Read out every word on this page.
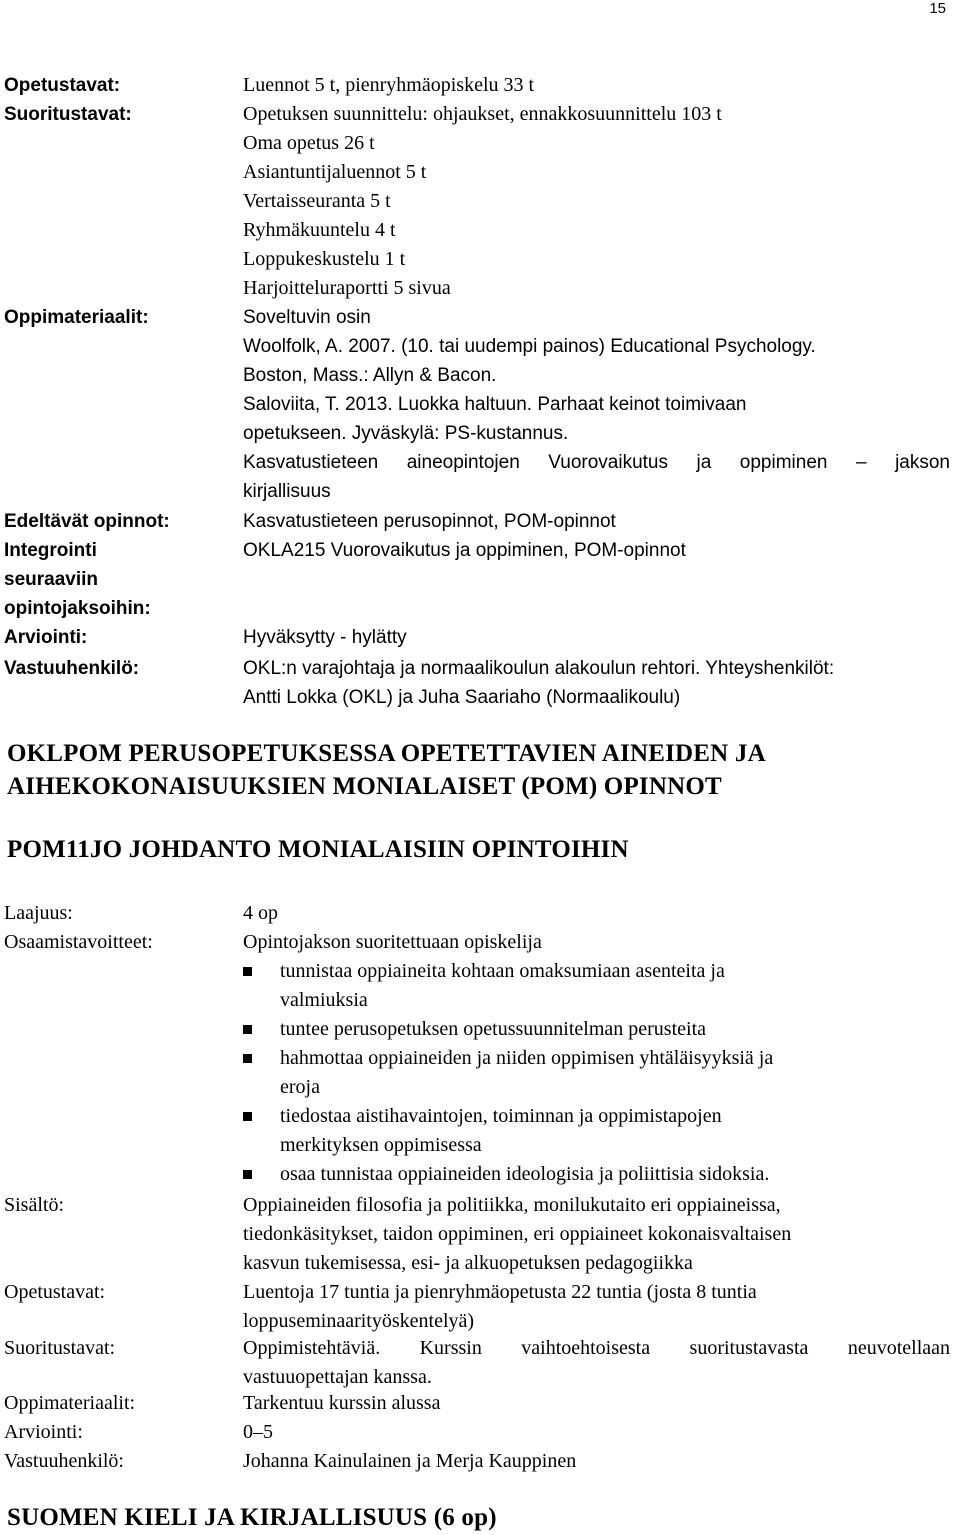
15
Opetustavat:	Luennot 5 t, pienryhmäopiskelu 33 t
Suoritustavat:	Opetuksen suunnittelu: ohjaukset, ennakkosuunnittelu 103 t
Oma opetus 26 t
Asiantuntijaluennot 5 t
Vertaisseuranta 5 t
Ryhmäkuuntelu 4 t
Loppukeskustelu 1 t
Harjoitteluraportti 5 sivua
Oppimateriaalit:	Soveltuvin osin
Woolfolk, A. 2007. (10. tai uudempi painos) Educational Psychology.
Boston, Mass.: Allyn & Bacon.
Saloviita, T. 2013. Luokka haltuun. Parhaat keinot toimivaan
opetukseen. Jyväskylä: PS-kustannus.
Kasvatustieteen aineopintojen Vuorovaikutus ja oppiminen – jakson
kirjallisuus
Edeltävät opinnot:	Kasvatustieteen perusopinnot, POM-opinnot
Integrointi	OKLA215 Vuorovaikutus ja oppiminen, POM-opinnot
seuraaviin
opintojaksoihin:
Arviointi:	Hyväksytty - hylätty
Vastuuhenkilö:	OKL:n varajohtaja ja normaalikoulun alakoulun rehtori. Yhteyshenkilöt:
Antti Lokka (OKL) ja Juha Saariaho (Normaalikoulu)
OKLPOM PERUSOPETUKSESSA OPETETTAVIEN AINEIDEN JA
AIHEKOKONAISUUKSIEN MONIALAISET (POM) OPINNOT
POM11JO JOHDANTO MONIALAISIIN OPINTOIHIN
Laajuus:	4 op
Osaamistavoitteet:	Opintojakson suoritettuaan opiskelija
tunnistaa oppiaineita kohtaan omaksumiaan asenteita ja
valmiuksia
tuntee perusopetuksen opetussuunnitelman perusteita
hahmottaa oppiaineiden ja niiden oppimisen yhtäläisyyksiä ja
eroja
tiedostaa aistihavaintojen, toiminnan ja oppimistapojen
merkityksen oppimisessa
osaa tunnistaa oppiaineiden ideologisia ja poliittisia sidoksia.
Sisältö:	Oppiaineiden filosofia ja politiikka, monilukutaito eri oppiaineissa,
tiedonkäsitykset, taidon oppiminen, eri oppiaineet kokonaisvaltaisen
kasvun tukemisessa, esi- ja alkuopetuksen pedagogiikka
Opetustavat:	Luentoja 17 tuntia ja pienryhmäopetusta 22 tuntia (josta 8 tuntia
loppuseminaarityöskentelyä)
Suoritustavat:	Oppimistehtäviä. Kurssin vaihtoehtoisesta suoritustavasta neuvotellaan
vastuuopettajan kanssa.
Oppimateriaalit:	Tarkentuu kurssin alussa
Arviointi:	0–5
Vastuuhenkilö:	Johanna Kainulainen ja Merja Kauppinen
SUOMEN KIELI JA KIRJALLISUUS (6 op)
